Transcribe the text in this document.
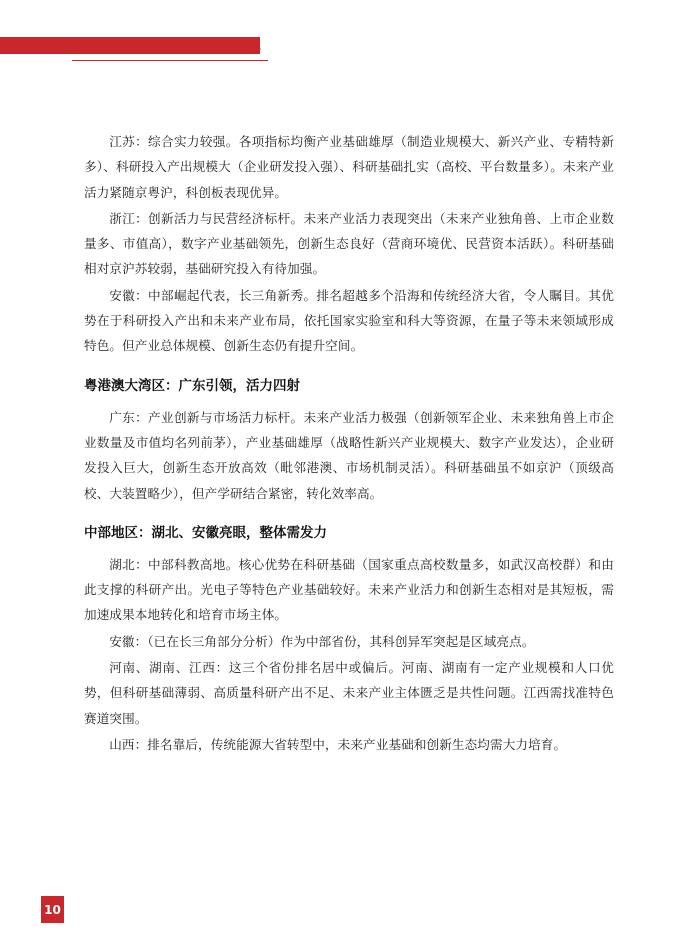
中国区域未来产业创新指数 2025

江苏：综合实力较强。各项指标均衡产业基础雄厚（制造业规模大、新兴产业、专精特新多）、科研投入产出规模大（企业研发投入强）、科研基础扎实（高校、平台数量多）。未来产业活力紧随京粤沪，科创板表现优异。

浙江：创新活力与民营经济标杆。未来产业活力表现突出（未来产业独角兽、上市企业数量多、市值高），数字产业基础领先，创新生态良好（营商环境优、民营资本活跃）。科研基础相对京沪苏较弱，基础研究投入有待加强。

安徽：中部崛起代表，长三角新秀。排名超越多个沿海和传统经济大省，令人瞩目。其优势在于科研投入产出和未来产业布局，依托国家实验室和科大等资源，在量子等未来领域形成特色。但产业总体规模、创新生态仍有提升空间。

粤港澳大湾区：广东引领，活力四射

广东：产业创新与市场活力标杆。未来产业活力极强（创新领军企业、未来独角兽上市企业数量及市值均名列前茅），产业基础雄厚（战略性新兴产业规模大、数字产业发达），企业研发投入巨大，创新生态开放高效（毗邻港澳、市场机制灵活）。科研基础虽不如京沪（顶级高校、大装置略少），但产学研结合紧密，转化效率高。

中部地区：湖北、安徽亮眼，整体需发力

湖北：中部科教高地。核心优势在科研基础（国家重点高校数量多，如武汉高校群）和由此支撑的科研产出。光电子等特色产业基础较好。未来产业活力和创新生态相对是其短板，需加速成果本地转化和培育市场主体。

安徽：（已在长三角部分分析）作为中部省份，其科创异军突起是区域亮点。

河南、湖南、江西：这三个省份排名居中或偏后。河南、湖南有一定产业规模和人口优势，但科研基础薄弱、高质量科研产出不足、未来产业主体匮乏是共性问题。江西需找准特色赛道突围。

山西：排名靠后，传统能源大省转型中，未来产业基础和创新生态均需大力培育。

10
